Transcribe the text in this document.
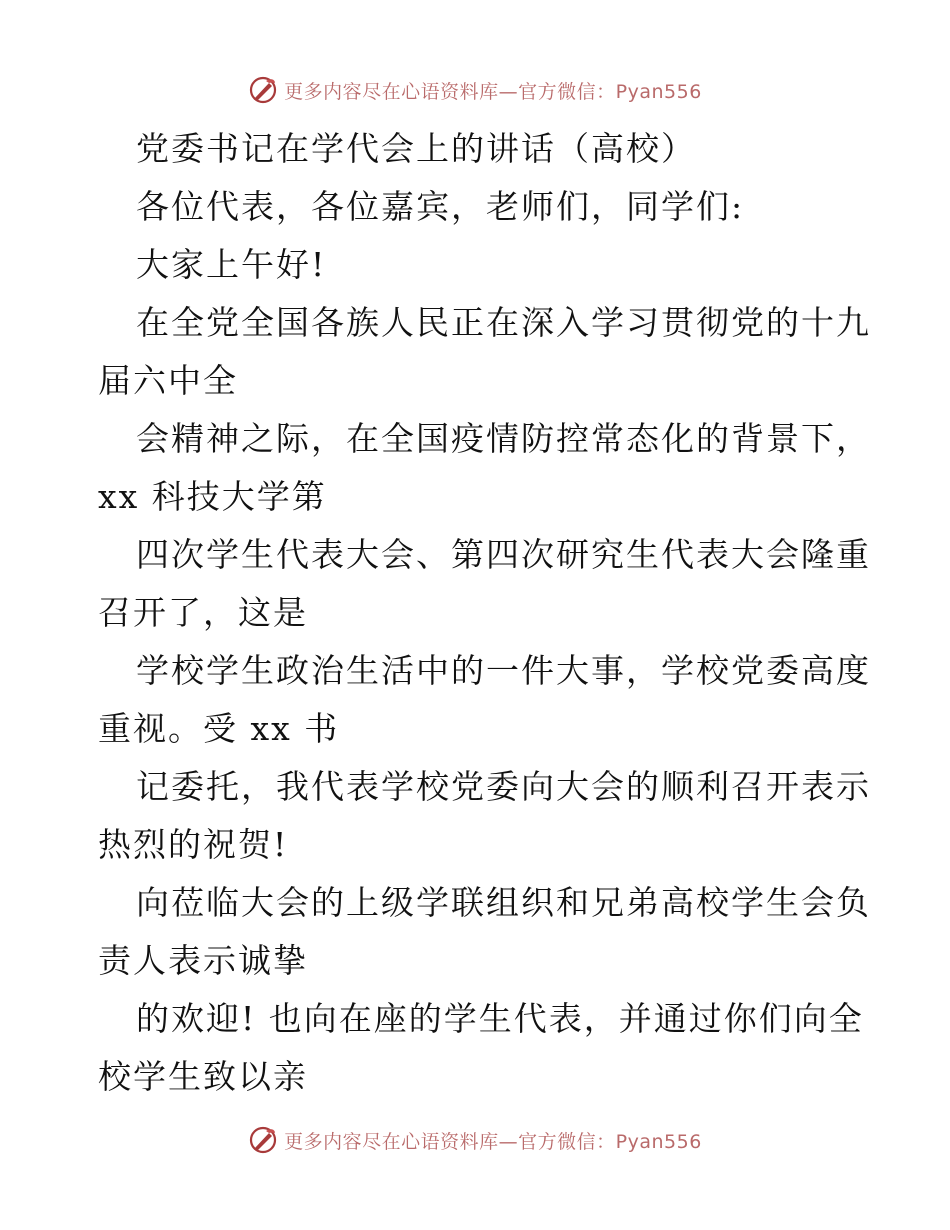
更多内容尽在心语资料库—官方微信：Pyan556
党委书记在学代会上的讲话（高校）
各位代表，各位嘉宾，老师们，同学们:
大家上午好!
在全党全国各族人民正在深入学习贯彻党的十九
届六中全
会精神之际，在全国疫情防控常态化的背景下，
xx 科技大学第
四次学生代表大会、第四次研究生代表大会隆重
召开了，这是
学校学生政治生活中的一件大事，学校党委高度
重视。受 xx 书
记委托，我代表学校党委向大会的顺利召开表示
热烈的祝贺!
向莅临大会的上级学联组织和兄弟高校学生会负
责人表示诚挚
的欢迎! 也向在座的学生代表，并通过你们向全
校学生致以亲
更多内容尽在心语资料库—官方微信：Pyan556
